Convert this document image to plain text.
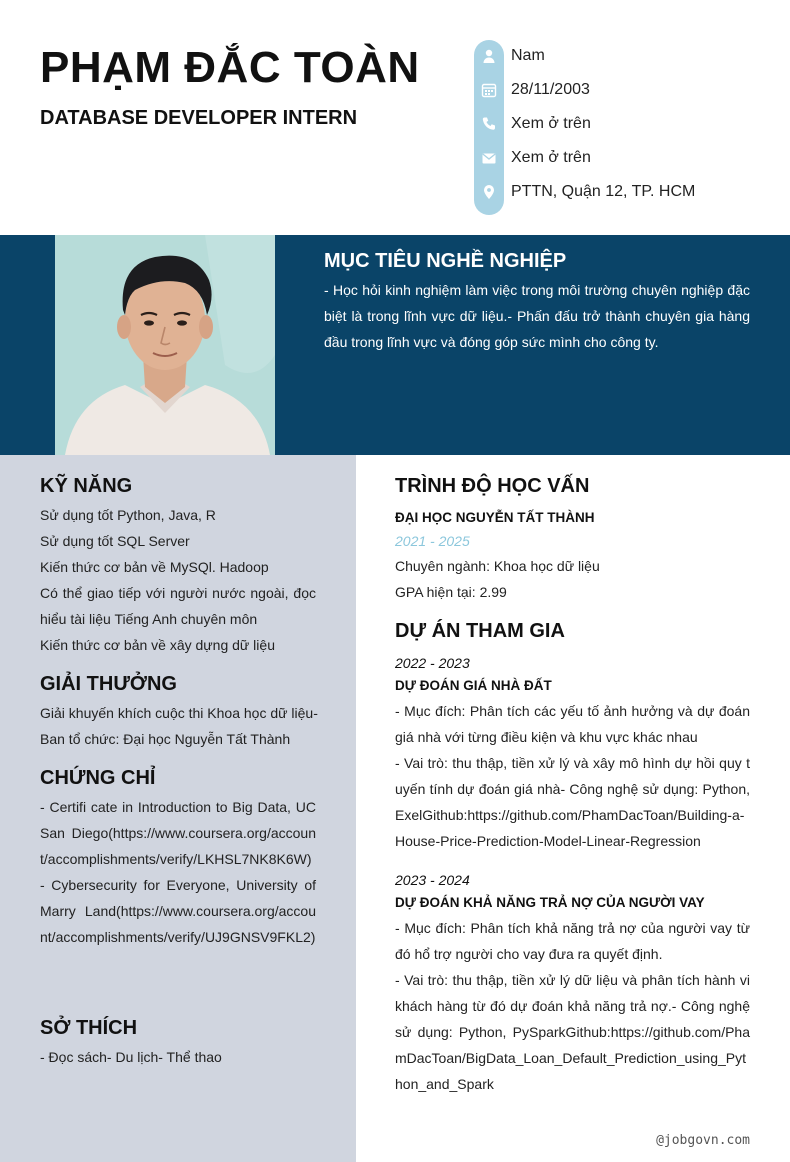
PHẠM ĐẮC TOÀN
DATABASE DEVELOPER INTERN
Nam
28/11/2003
Xem ở trên
Xem ở trên
PTTN, Quận 12, TP. HCM
MỤC TIÊU NGHỀ NGHIỆP
- Học hỏi kinh nghiệm làm việc trong môi trường chuyên nghiệp đặc biệt là trong lĩnh vực dữ liệu.- Phấn đấu trở thành chuyên gia hàng đầu trong lĩnh vực và đóng góp sức mình cho công ty.
KỸ NĂNG
Sử dụng tốt Python, Java, R
Sử dụng tốt SQL Server
Kiến thức cơ bản về MySQl. Hadoop
Có thể giao tiếp với người nước ngoài, đọc hiểu tài liệu Tiếng Anh chuyên môn
Kiến thức cơ bản về xây dựng dữ liệu
GIẢI THƯỞNG
Giải khuyến khích cuộc thi Khoa học dữ liệu- Ban tổ chức: Đại học Nguyễn Tất Thành
CHỨNG CHỈ
- Certifi cate in Introduction to Big Data, UC San Diego(https://www.coursera.org/account/accomplishments/verify/LKHSL7NK8K6W)- Cybersecurity for Everyone, University of Marry Land(https://www.coursera.org/account/accomplishments/verify/UJ9GNSV9FKL2)
SỞ THÍCH
- Đọc sách- Du lịch- Thể thao
TRÌNH ĐỘ HỌC VẤN
ĐẠI HỌC NGUYỄN TẤT THÀNH
2021 - 2025
Chuyên ngành: Khoa học dữ liệu
GPA hiện tại: 2.99
DỰ ÁN THAM GIA
2022 - 2023
DỰ ĐOÁN GIÁ NHÀ ĐẤT
- Mục đích: Phân tích các yếu tố ảnh hưởng và dự đoán giá nhà với từng điều kiện và khu vực khác nhau
- Vai trò: thu thập, tiền xử lý và xây mô hình dự hồi quy tuyến tính dự đoán giá nhà- Công nghệ sử dụng: Python, ExelGithub:https://github.com/PhamDacToan/Building-a-House-Price-Prediction-Model-Linear-Regression
2023 - 2024
DỰ ĐOÁN KHẢ NĂNG TRẢ NỢ CỦA NGƯỜI VAY
- Mục đích: Phân tích khả năng trả nợ của người vay từ đó hổ trợ người cho vay đưa ra quyết định.
- Vai trò: thu thập, tiền xử lý dữ liệu và phân tích hành vi khách hàng từ đó dự đoán khả năng trả nợ.- Công nghệ sử dụng: Python, PySparkGithub:https://github.com/PhamDacToan/BigData_Loan_Default_Prediction_using_Python_and_Spark
@jobgovn.com
